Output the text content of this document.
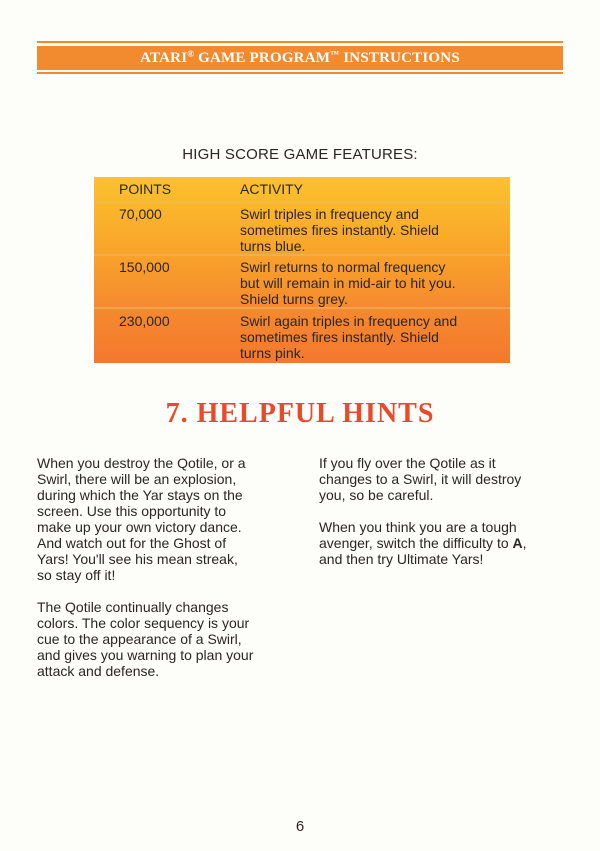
ATARI® GAME PROGRAM™ INSTRUCTIONS
HIGH SCORE GAME FEATURES:
POINTS	ACTIVITY
70,000	Swirl triples in frequency and
sometimes fires instantly. Shield
turns blue.
150,000	Swirl returns to normal frequency
but will remain in mid-air to hit you.
Shield turns grey.
230,000	Swirl again triples in frequency and
sometimes fires instantly. Shield
turns pink.
7. HELPFUL HINTS

When you destroy the Qotile, or a
Swirl, there will be an explosion,
during which the Yar stays on the
screen. Use this opportunity to
make up your own victory dance.
And watch out for the Ghost of
Yars! You'll see his mean streak,
so stay off it!

The Qotile continually changes
colors. The color sequency is your
cue to the appearance of a Swirl,
and gives you warning to plan your
attack and defense.

If you fly over the Qotile as it
changes to a Swirl, it will destroy
you, so be careful.

When you think you are a tough
avenger, switch the difficulty to A,
and then try Ultimate Yars!

6
